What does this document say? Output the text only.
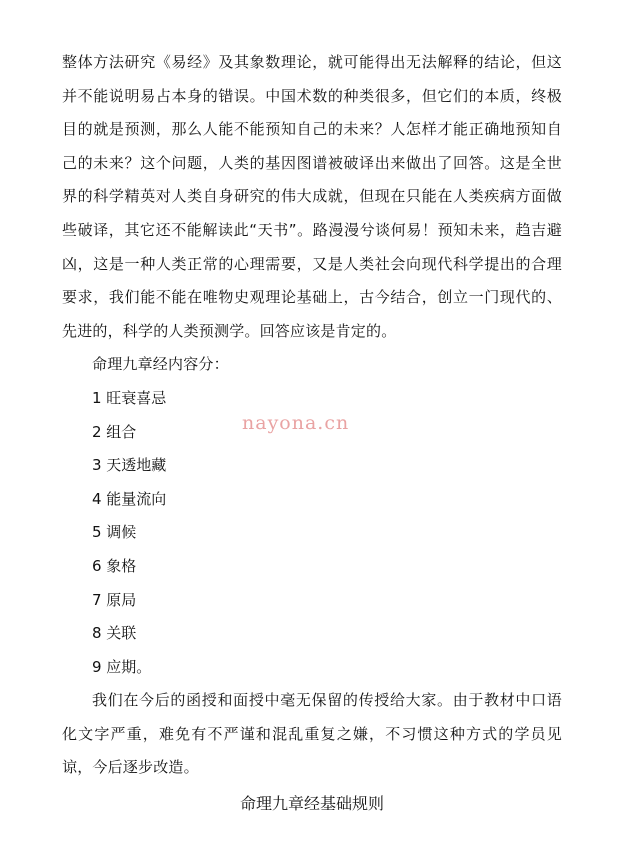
整体方法研究《易经》及其象数理论，就可能得出无法解释的结论，但这并不能说明易占本身的错误。中国术数的种类很多，但它们的本质，终极目的就是预测，那么人能不能预知自己的未来？人怎样才能正确地预知自己的未来？这个问题，人类的基因图谱被破译出来做出了回答。这是全世界的科学精英对人类自身研究的伟大成就，但现在只能在人类疾病方面做些破译，其它还不能解读此“天书”。路漫漫兮谈何易！预知未来，趋吉避凶，这是一种人类正常的心理需要，又是人类社会向现代科学提出的合理要求，我们能不能在唯物史观理论基础上，古今结合，创立一门现代的、先进的，科学的人类预测学。回答应该是肯定的。

命理九章经内容分：

1 旺衰喜忌
2 组合
3 天透地藏
4 能量流向
5 调候
6 象格
7 原局
8 关联
9 应期。

我们在今后的函授和面授中毫无保留的传授给大家。由于教材中口语化文字严重，难免有不严谨和混乱重复之嫌，不习惯这种方式的学员见谅，今后逐步改造。

命理九章经基础规则

nayona.cn
